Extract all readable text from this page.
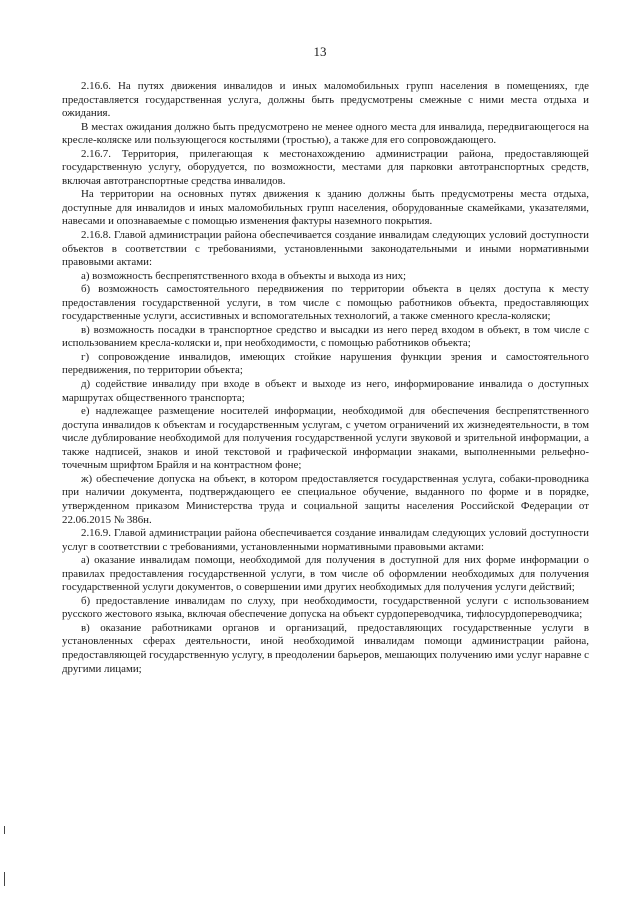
13

2.16.6. На путях движения инвалидов и иных маломобильных групп населения в помещениях, где предоставляется государственная услуга, должны быть предусмотрены смежные с ними места отдыха и ожидания.

В местах ожидания должно быть предусмотрено не менее одного места для инвалида, передвигающегося на кресле-коляске или пользующегося костылями (тростью), а также для его сопровождающего.

2.16.7. Территория, прилегающая к местонахождению администрации района, предоставляющей государственную услугу, оборудуется, по возможности, местами для парковки автотранспортных средств, включая автотранспортные средства инвалидов.

На территории на основных путях движения к зданию должны быть предусмотрены места отдыха, доступные для инвалидов и иных маломобильных групп населения, оборудованные скамейками, указателями, навесами и опознаваемые с помощью изменения фактуры наземного покрытия.

2.16.8. Главой администрации района обеспечивается создание инвалидам следующих условий доступности объектов в соответствии с требованиями, установленными законодательными и иными нормативными правовыми актами:

а) возможность беспрепятственного входа в объекты и выхода из них;

б) возможность самостоятельного передвижения по территории объекта в целях доступа к месту предоставления государственной услуги, в том числе с помощью работников объекта, предоставляющих государственные услуги, ассистивных и вспомогательных технологий, а также сменного кресла-коляски;

в) возможность посадки в транспортное средство и высадки из него перед входом в объект, в том числе с использованием кресла-коляски и, при необходимости, с помощью работников объекта;

г) сопровождение инвалидов, имеющих стойкие нарушения функции зрения и самостоятельного передвижения, по территории объекта;

д) содействие инвалиду при входе в объект и выходе из него, информирование инвалида о доступных маршрутах общественного транспорта;

е) надлежащее размещение носителей информации, необходимой для обеспечения беспрепятственного доступа инвалидов к объектам и государственным услугам, с учетом ограничений их жизнедеятельности, в том числе дублирование необходимой для получения государственной услуги звуковой и зрительной информации, а также надписей, знаков и иной текстовой и графической информации знаками, выполненными рельефно-точечным шрифтом Брайля и на контрастном фоне;

ж) обеспечение допуска на объект, в котором предоставляется государственная услуга, собаки-проводника при наличии документа, подтверждающего ее специальное обучение, выданного по форме и в порядке, утвержденном приказом Министерства труда и социальной защиты населения Российской Федерации от 22.06.2015 № 386н.

2.16.9. Главой администрации района обеспечивается создание инвалидам следующих условий доступности услуг в соответствии с требованиями, установленными нормативными правовыми актами:

а) оказание инвалидам помощи, необходимой для получения в доступной для них форме информации о правилах предоставления государственной услуги, в том числе об оформлении необходимых для получения государственной услуги документов, о совершении ими других необходимых для получения услуги действий;

б) предоставление инвалидам по слуху, при необходимости, государственной услуги с использованием русского жестового языка, включая обеспечение допуска на объект сурдопереводчика, тифлосурдопереводчика;

в) оказание работниками органов и организаций, предоставляющих государственные услуги в установленных сферах деятельности, иной необходимой инвалидам помощи администрации района, предоставляющей государственную услугу, в преодолении барьеров, мешающих получению ими услуг наравне с другими лицами;
